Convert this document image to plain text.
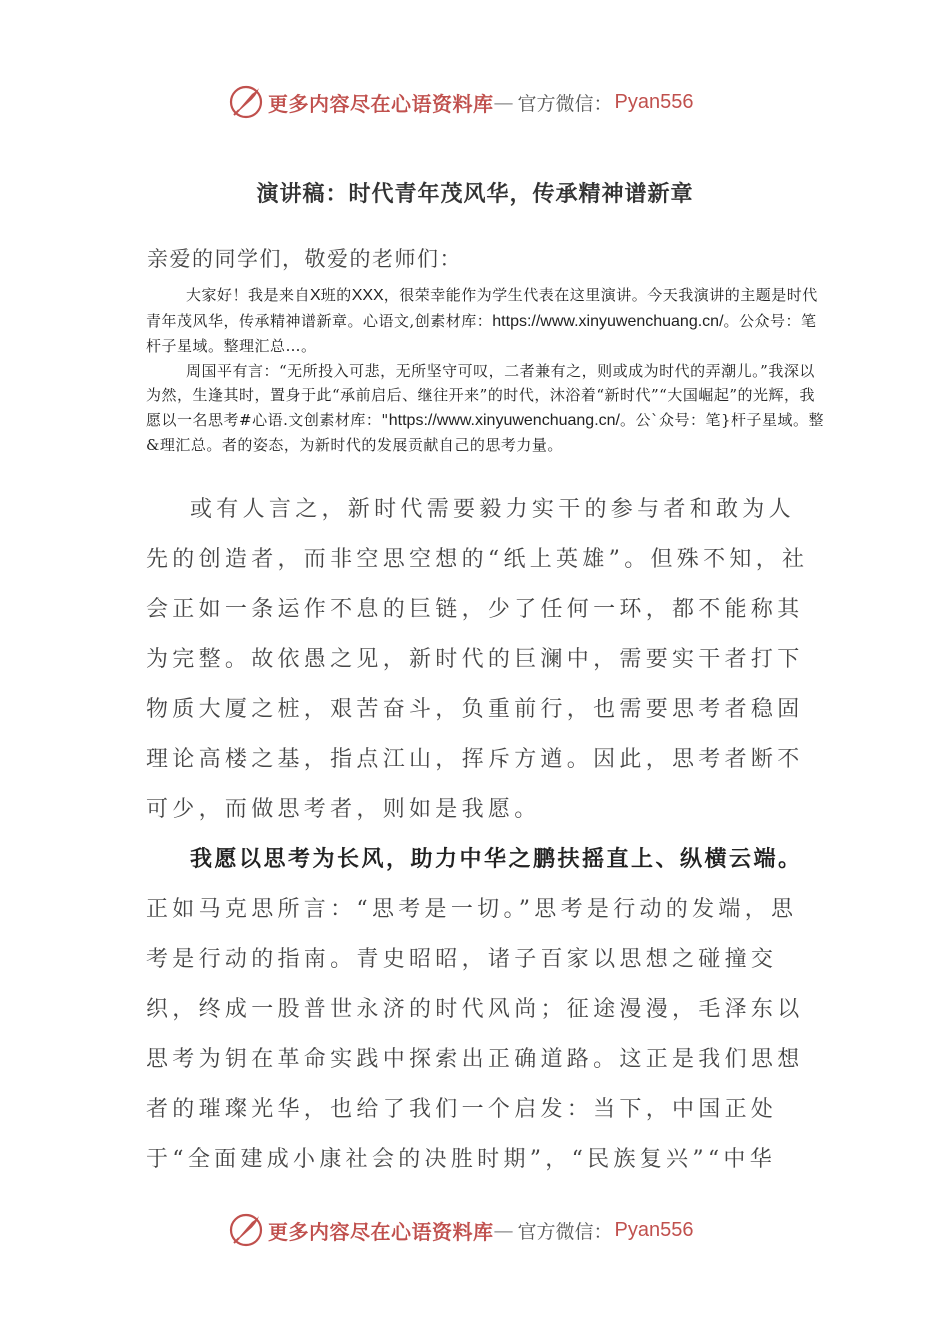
更多内容尽在心语资料库 — 官方微信： Pyan556
演讲稿：时代青年茂风华，传承精神谱新章
亲爱的同学们，敬爱的老师们：

大家好！我是来自X班的XXX，很荣幸能作为学生代表在这里演讲。今天我演讲的主题是时代青年茂风华，传承精神谱新章。心语文,创素材库：https://www.xinyuwenchuang.cn/。公众号：笔杆子星域。整理汇总…。

周国平有言：“无所投入可悲，无所坚守可叹，二者兼有之，则或成为时代的弄潮儿。”我深以为然，生逢其时，置身于此“承前启后、继往开来”的时代，沐浴着“新时代”“大国崛起”的光辉，我愿以一名思考#心语.文创素材库："https://www.xinyuwenchuang.cn/。公`众号：笔}杆子星域。整&理汇总。者的姿态，为新时代的发展贡献自己的思考力量。

或有人言之，新时代需要毅力实干的参与者和敢为人先的创造者，而非空思空想的“纸上英雄”。但殊不知，社会正如一条运作不息的巨链，少了任何一环，都不能称其为完整。故依愚之见，新时代的巨澜中，需要实干者打下物质大厦之桩，艰苦奋斗，负重前行，也需要思考者稳固理论高楼之基，指点江山，挥斥方遒。因此，思考者断不可少，而做思考者，则如是我愿。

我愿以思考为长风，助力中华之鹏扶摇直上、纵横云端。正如马克思所言：“思考是一切。”思考是行动的发端，思考是行动的指南。青史昭昭，诸子百家以思想之碰撞交织，终成一股普世永济的时代风尚；征途漫漫，毛泽东以思考为钥在革命实践中探索出正确道路。这正是我们思想者的璀璨光华，也给了我们一个启发：当下，中国正处于“全面建成小康社会的决胜时期”，“民族复兴”“中华

更多内容尽在心语资料库 — 官方微信： Pyan556
